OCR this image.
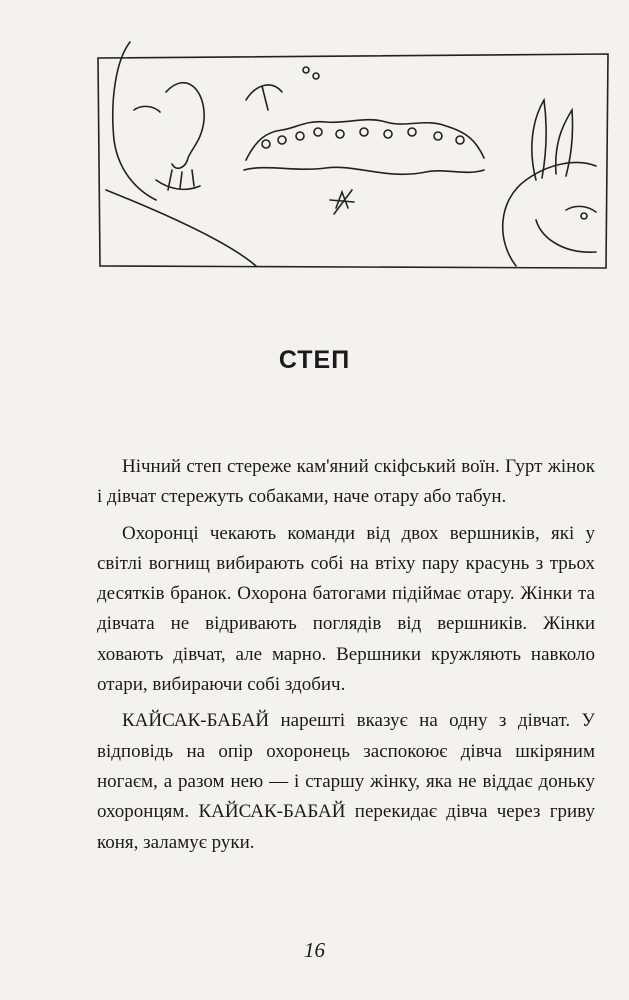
СТЕП

Нічний степ стереже кам'яний скіфський воїн. Гурт жінок і дівчат стережуть собаками, наче отару або табун.

Охоронці чекають команди від двох вершників, які у світлі вогнищ вибирають собі на втіху пару красунь з трьох десятків бранок. Охорона батогами підіймає отару. Жінки та дівчата не відривають поглядів від вершників. Жінки ховають дівчат, але марно. Вершники кружляють навколо отари, вибираючи собі здобич.

КАЙСАК-БАБАЙ нарешті вказує на одну з дівчат. У відповідь на опір охоронець заспокоює дівча шкіряним ногаєм, а разом нею — і старшу жінку, яка не віддає доньку охоронцям. КАЙСАК-БАБАЙ перекидає дівча через гриву коня, заламує руки.

16
